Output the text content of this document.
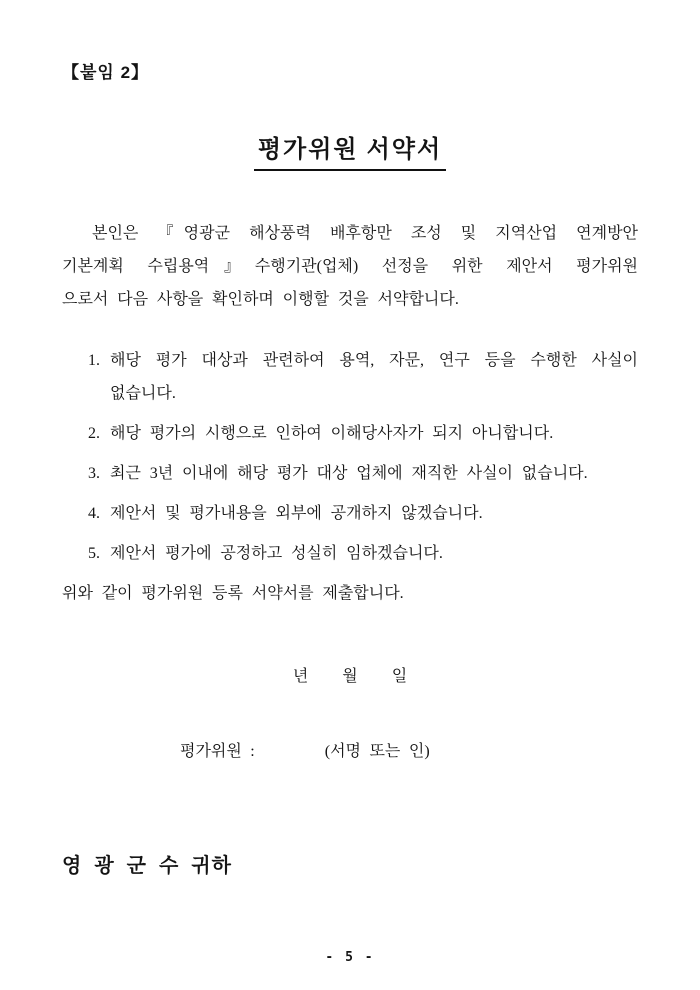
【붙임 2】
평가위원 서약서
본인은 『영광군 해상풍력 배후항만 조성 및 지역산업 연계방안
기본계획 수립용역』수행기관(업체) 선정을 위한 제안서 평가위원
으로서 다음 사항을 확인하며 이행할 것을 서약합니다.
1. 해당 평가 대상과 관련하여 용역, 자문, 연구 등을 수행한 사실이
없습니다.
2. 해당 평가의 시행으로 인하여 이해당사자가 되지 아니합니다.
3. 최근 3년 이내에 해당 평가 대상 업체에 재직한 사실이 없습니다.
4. 제안서 및 평가내용을 외부에 공개하지 않겠습니다.
5. 제안서 평가에 공정하고 성실히 임하겠습니다.
위와 같이 평가위원 등록 서약서를 제출합니다.
년 월 일
평가위원 :	(서명 또는 인)
영 광 군 수 귀하
- 5 -
